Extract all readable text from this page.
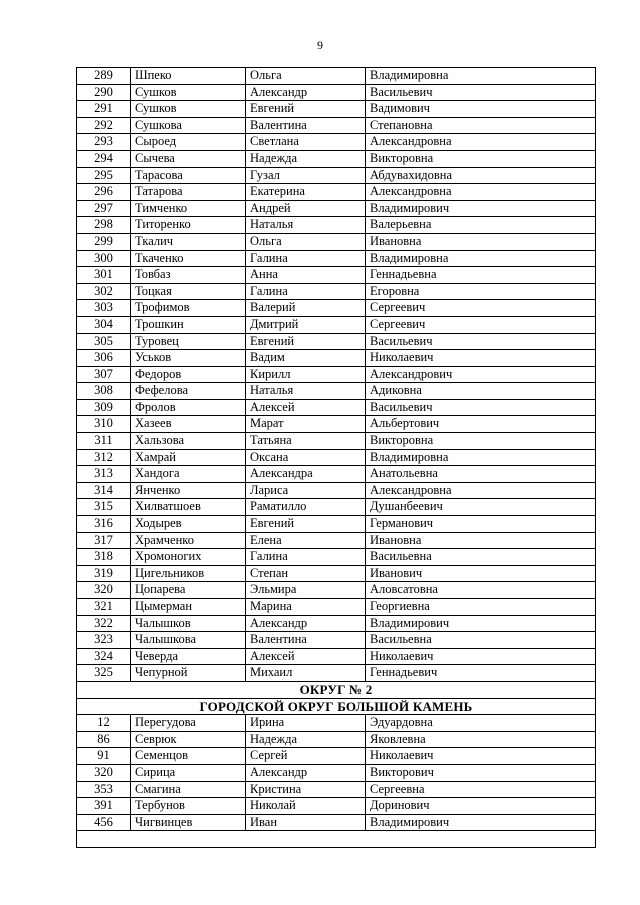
9
289	Шпеко	Ольга	Владимировна
290	Сушков	Александр	Васильевич
291	Сушков	Евгений	Вадимович
292	Сушкова	Валентина	Степановна
293	Сыроед	Светлана	Александровна
294	Сычева	Надежда	Викторовна
295	Тарасова	Гузал	Абдувахидовна
296	Татарова	Екатерина	Александровна
297	Тимченко	Андрей	Владимирович
298	Титоренко	Наталья	Валерьевна
299	Ткалич	Ольга	Ивановна
300	Ткаченко	Галина	Владимировна
301	Товбаз	Анна	Геннадьевна
302	Тоцкая	Галина	Егоровна
303	Трофимов	Валерий	Сергеевич
304	Трошкин	Дмитрий	Сергеевич
305	Туровец	Евгений	Васильевич
306	Уськов	Вадим	Николаевич
307	Федоров	Кирилл	Александрович
308	Фефелова	Наталья	Адиковна
309	Фролов	Алексей	Васильевич
310	Хазеев	Марат	Альбертович
311	Хальзова	Татьяна	Викторовна
312	Хамрай	Оксана	Владимировна
313	Хандога	Александра	Анатольевна
314	Янченко	Лариса	Александровна
315	Хилватшоев	Раматилло	Душанбеевич
316	Ходырев	Евгений	Германович
317	Храмченко	Елена	Ивановна
318	Хромоногих	Галина	Васильевна
319	Цигельников	Степан	Иванович
320	Цопарева	Эльмира	Аловсатовна
321	Цымерман	Марина	Георгиевна
322	Чалышков	Александр	Владимирович
323	Чалышкова	Валентина	Васильевна
324	Чеверда	Алексей	Николаевич
325	Чепурной	Михаил	Геннадьевич
ОКРУГ № 2			
ГОРОДСКОЙ ОКРУГ БОЛЬШОЙ КАМЕНЬ			
12	Перегудова	Ирина	Эдуардовна
86	Севрюк	Надежда	Яковлевна
91	Семенцов	Сергей	Николаевич
320	Сирица	Александр	Викторович
353	Смагина	Кристина	Сергеевна
391	Тербунов	Николай	Доринович
456	Чигвинцев	Иван	Владимирович
